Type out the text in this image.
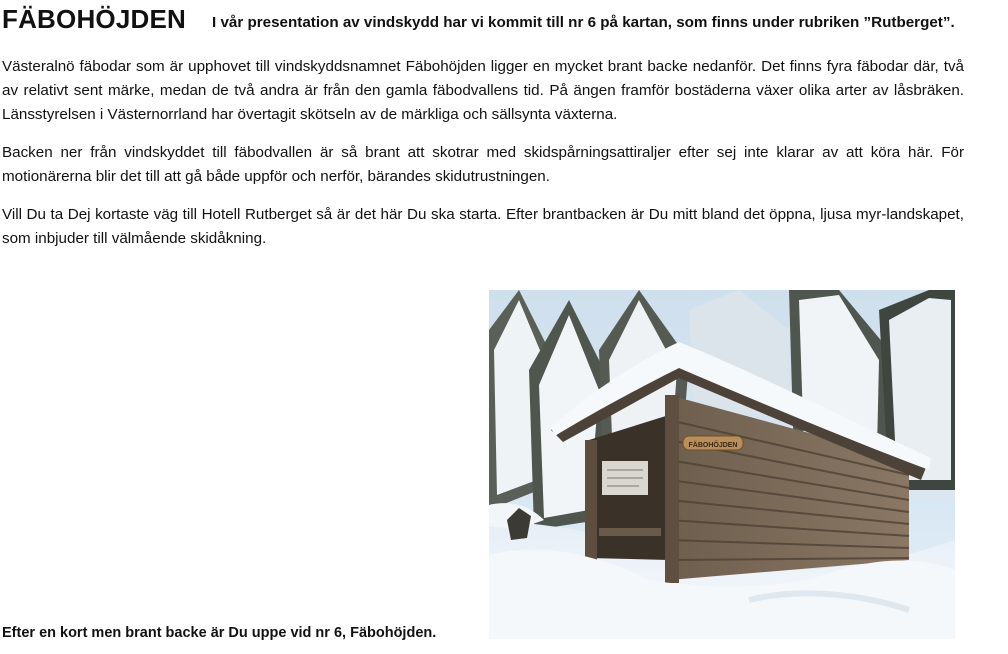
FÄBOHÖJDEN I vår presentation av vindskydd har vi kommit till nr 6 på kartan, som finns under rubriken ”Rutberget”.

Västeralnö fäbodar som är upphovet till vindskyddsnamnet Fäbohöjden ligger en mycket brant backe nedanför. Det finns fyra fäbodar där, två av relativt sent märke, medan de två andra är från den gamla fäbodvallens tid. På ängen framför bostäderna växer olika arter av låsbräken. Länsstyrelsen i Västernorrland har övertagit skötseln av de märkliga och sällsynta växterna.

Backen ner från vindskyddet till fäbodvallen är så brant att skotrar med skidspårningsattiraljer efter sej inte klarar av att köra här. För motionärerna blir det till att gå både uppför och nerför, bärandes skidutrustningen.

Vill Du ta Dej kortaste väg till Hotell Rutberget så är det här Du ska starta. Efter brantbacken är Du mitt bland det öppna, ljusa myr-landskapet, som inbjuder till välmående skidåkning.

FÄBOHÖJDEN
Efter en kort men brant backe är Du uppe vid nr 6, Fäbohöjden.
